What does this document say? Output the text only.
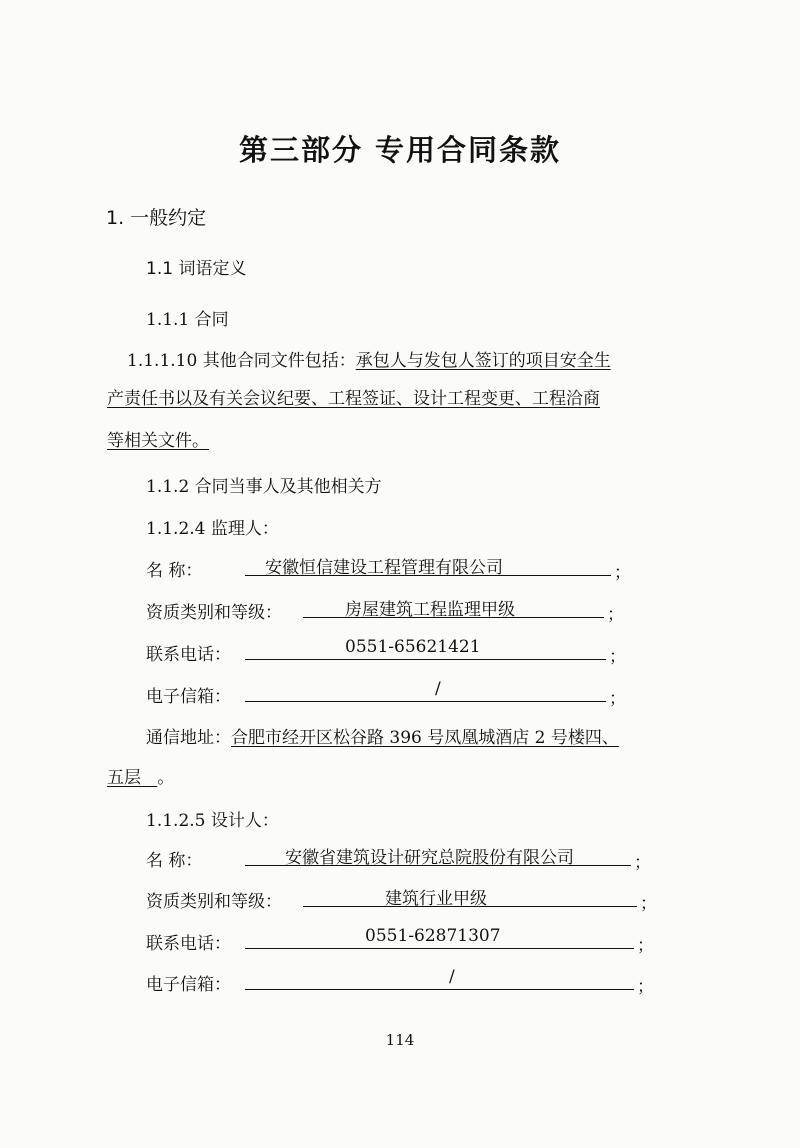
第三部分 专用合同条款
1. 一般约定
1.1 词语定义
1.1.1 合同
1.1.1.10 其他合同文件包括：承包人与发包人签订的项目安全生
产责任书以及有关会议纪要、工程签证、设计工程变更、工程洽商
等相关文件。
1.1.2 合同当事人及其他相关方
1.1.2.4 监理人：
名 称：	安徽恒信建设工程管理有限公司	；
资质类别和等级：	房屋建筑工程监理甲级	；
联系电话：	0551-65621421	；
电子信箱：	/	；
通信地址：合肥市经开区松谷路 396 号凤凰城酒店 2 号楼四、
五层 。
1.1.2.5 设计人：
名 称：	安徽省建筑设计研究总院股份有限公司	；
资质类别和等级：	建筑行业甲级	；
联系电话：	0551-62871307	；
电子信箱：	/	；
114
